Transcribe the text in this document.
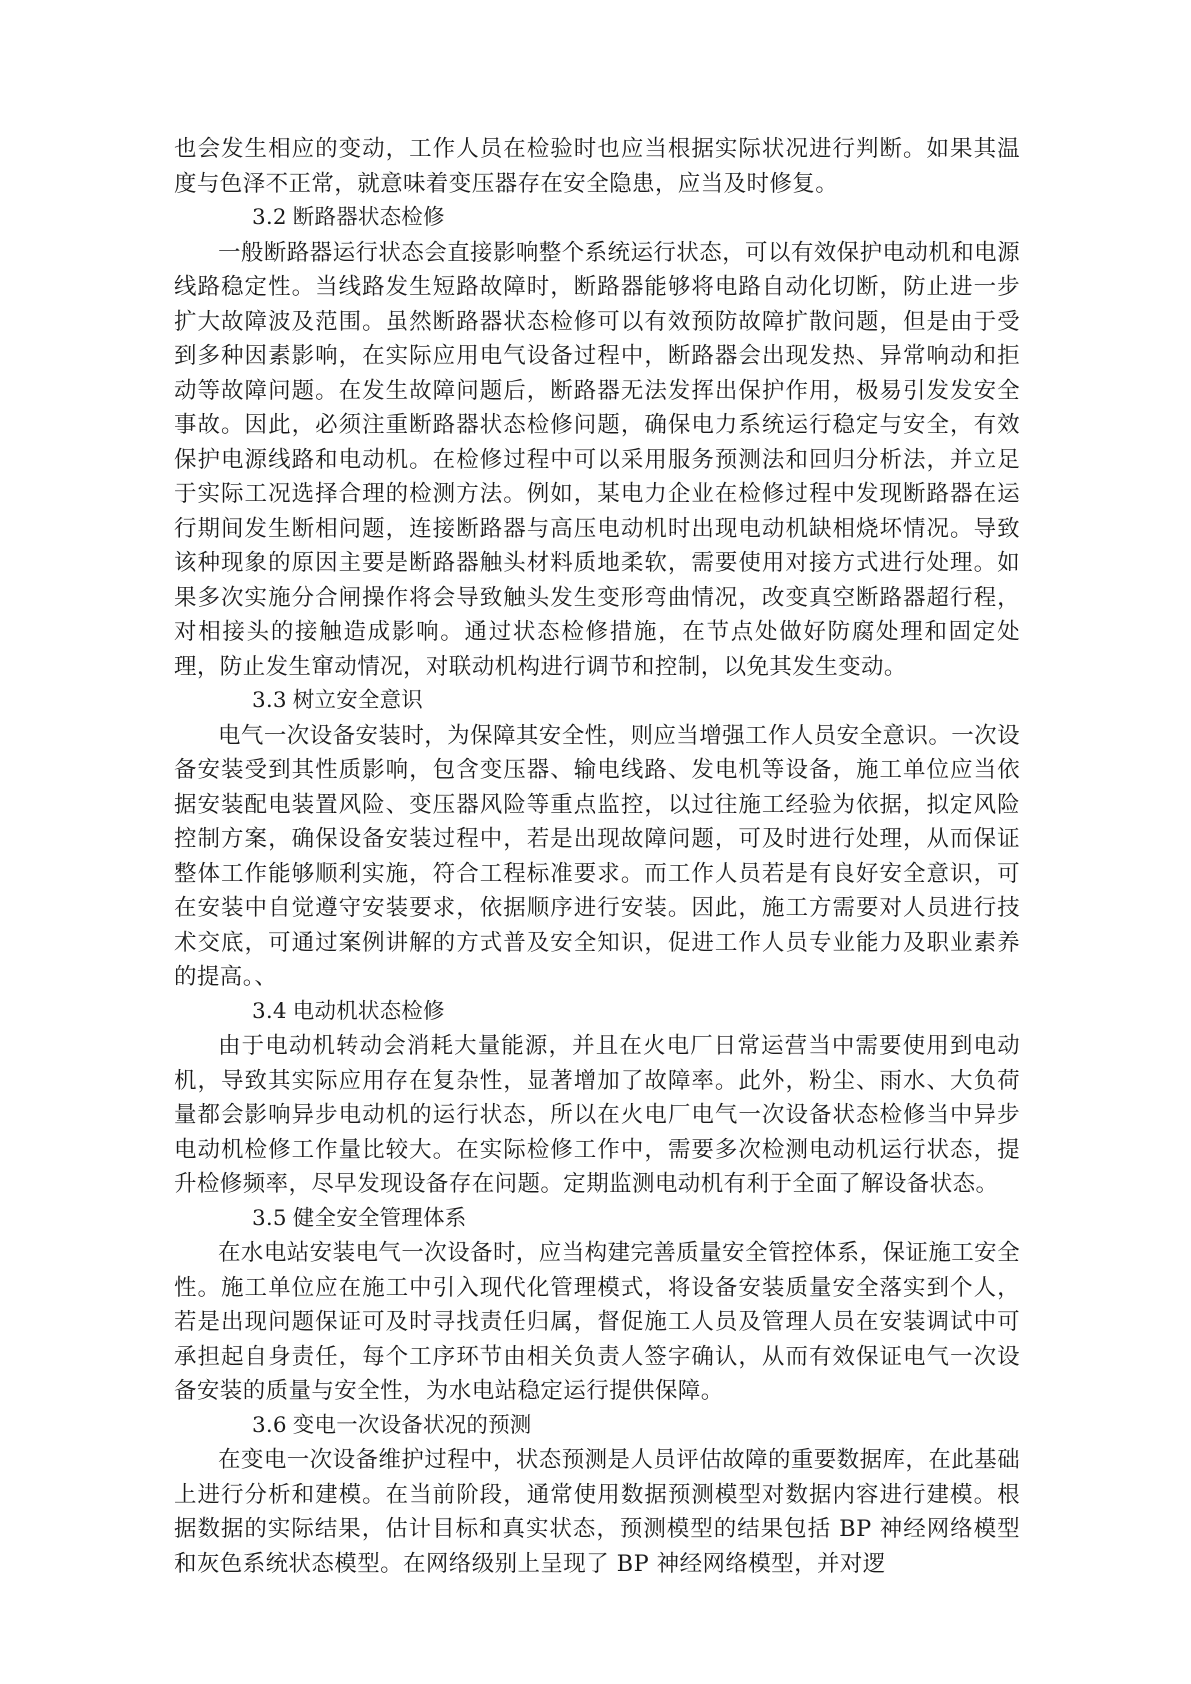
也会发生相应的变动，工作人员在检验时也应当根据实际状况进行判断。如果其温度与色泽不正常，就意味着变压器存在安全隐患，应当及时修复。

3.2 断路器状态检修

一般断路器运行状态会直接影响整个系统运行状态，可以有效保护电动机和电源线路稳定性。当线路发生短路故障时，断路器能够将电路自动化切断，防止进一步扩大故障波及范围。虽然断路器状态检修可以有效预防故障扩散问题，但是由于受到多种因素影响，在实际应用电气设备过程中，断路器会出现发热、异常响动和拒动等故障问题。在发生故障问题后，断路器无法发挥出保护作用，极易引发发安全事故。因此，必须注重断路器状态检修问题，确保电力系统运行稳定与安全，有效保护电源线路和电动机。在检修过程中可以采用服务预测法和回归分析法，并立足于实际工况选择合理的检测方法。例如，某电力企业在检修过程中发现断路器在运行期间发生断相问题，连接断路器与高压电动机时出现电动机缺相烧坏情况。导致该种现象的原因主要是断路器触头材料质地柔软，需要使用对接方式进行处理。如果多次实施分合闸操作将会导致触头发生变形弯曲情况，改变真空断路器超行程，对相接头的接触造成影响。通过状态检修措施，在节点处做好防腐处理和固定处理，防止发生窜动情况，对联动机构进行调节和控制，以免其发生变动。

3.3 树立安全意识

电气一次设备安装时，为保障其安全性，则应当增强工作人员安全意识。一次设备安装受到其性质影响，包含变压器、输电线路、发电机等设备，施工单位应当依据安装配电装置风险、变压器风险等重点监控，以过往施工经验为依据，拟定风险控制方案，确保设备安装过程中，若是出现故障问题，可及时进行处理，从而保证整体工作能够顺利实施，符合工程标准要求。而工作人员若是有良好安全意识，可在安装中自觉遵守安装要求，依据顺序进行安装。因此，施工方需要对人员进行技术交底，可通过案例讲解的方式普及安全知识，促进工作人员专业能力及职业素养的提高。、

3.4 电动机状态检修

由于电动机转动会消耗大量能源，并且在火电厂日常运营当中需要使用到电动机，导致其实际应用存在复杂性，显著增加了故障率。此外，粉尘、雨水、大负荷量都会影响异步电动机的运行状态，所以在火电厂电气一次设备状态检修当中异步电动机检修工作量比较大。在实际检修工作中，需要多次检测电动机运行状态，提升检修频率，尽早发现设备存在问题。定期监测电动机有利于全面了解设备状态。

3.5 健全安全管理体系

在水电站安装电气一次设备时，应当构建完善质量安全管控体系，保证施工安全性。施工单位应在施工中引入现代化管理模式，将设备安装质量安全落实到个人，若是出现问题保证可及时寻找责任归属，督促施工人员及管理人员在安装调试中可承担起自身责任，每个工序环节由相关负责人签字确认，从而有效保证电气一次设备安装的质量与安全性，为水电站稳定运行提供保障。

3.6 变电一次设备状况的预测

在变电一次设备维护过程中，状态预测是人员评估故障的重要数据库，在此基础上进行分析和建模。在当前阶段，通常使用数据预测模型对数据内容进行建模。根据数据的实际结果，估计目标和真实状态，预测模型的结果包括 BP 神经网络模型和灰色系统状态模型。在网络级别上呈现了 BP 神经网络模型，并对逻
